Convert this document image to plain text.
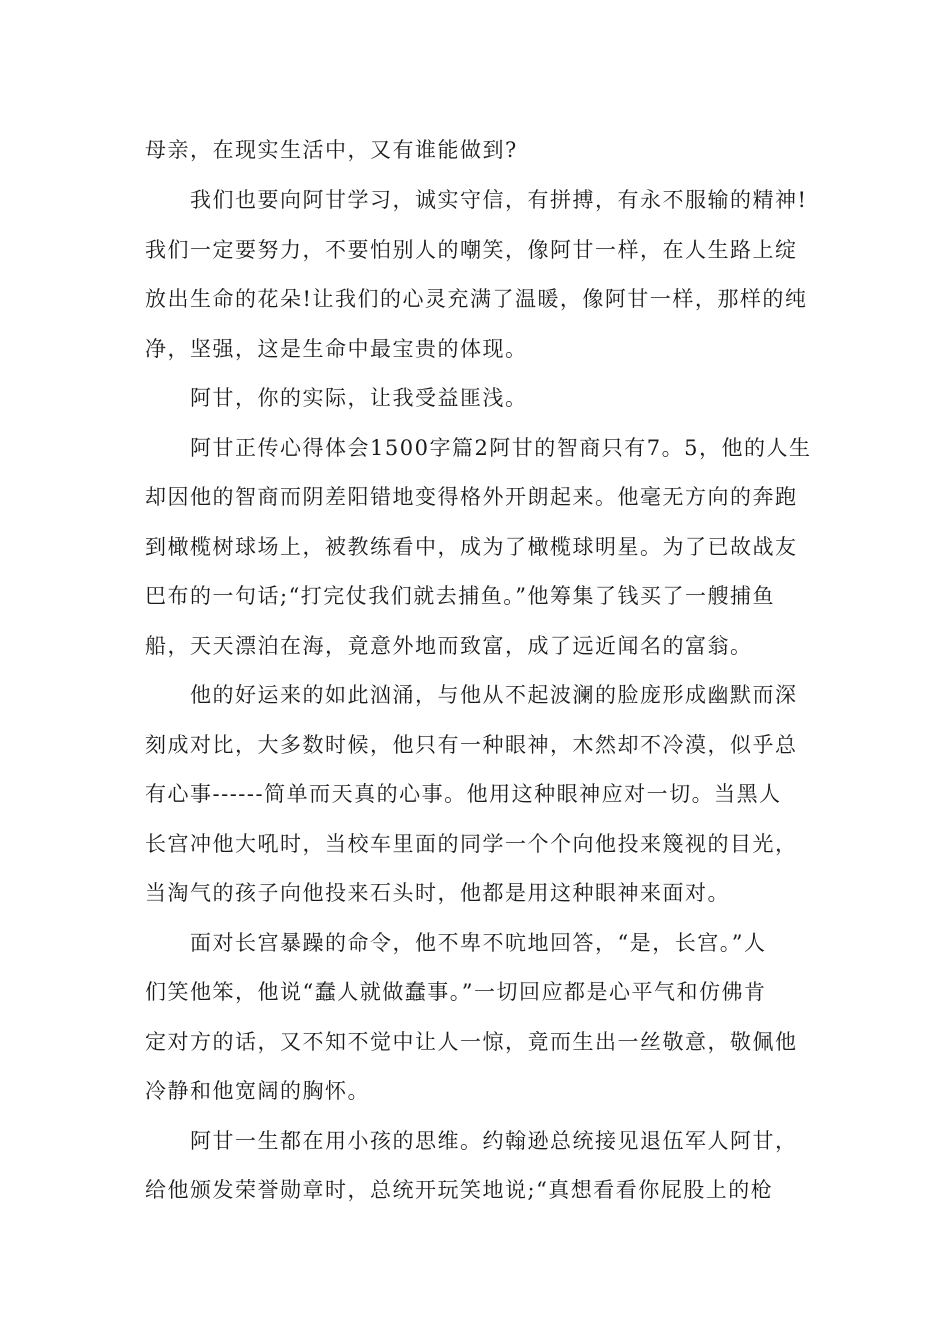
母亲，在现实生活中，又有谁能做到?
我们也要向阿甘学习，诚实守信，有拼搏，有永不服输的精神!
我们一定要努力，不要怕别人的嘲笑，像阿甘一样，在人生路上绽
放出生命的花朵!让我们的心灵充满了温暖，像阿甘一样，那样的纯
净，坚强，这是生命中最宝贵的体现。
阿甘，你的实际，让我受益匪浅。
阿甘正传心得体会1500字篇2阿甘的智商只有7。5，他的人生
却因他的智商而阴差阳错地变得格外开朗起来。他毫无方向的奔跑
到橄榄树球场上，被教练看中，成为了橄榄球明星。为了已故战友
巴布的一句话;“打完仗我们就去捕鱼。”他筹集了钱买了一艘捕鱼
船，天天漂泊在海，竟意外地而致富，成了远近闻名的富翁。
他的好运来的如此汹涌，与他从不起波澜的脸庞形成幽默而深
刻成对比，大多数时候，他只有一种眼神，木然却不冷漠，似乎总
有心事------简单而天真的心事。他用这种眼神应对一切。当黑人
长宫冲他大吼时，当校车里面的同学一个个向他投来篾视的目光，
当淘气的孩子向他投来石头时，他都是用这种眼神来面对。
面对长宫暴躁的命令，他不卑不吭地回答，“是，长宫。”人
们笑他笨，他说“蠢人就做蠢事。”一切回应都是心平气和仿佛肯
定对方的话，又不知不觉中让人一惊，竟而生出一丝敬意，敬佩他
冷静和他宽阔的胸怀。
阿甘一生都在用小孩的思维。约翰逊总统接见退伍军人阿甘，
给他颁发荣誉勋章时，总统开玩笑地说;“真想看看你屁股上的枪
